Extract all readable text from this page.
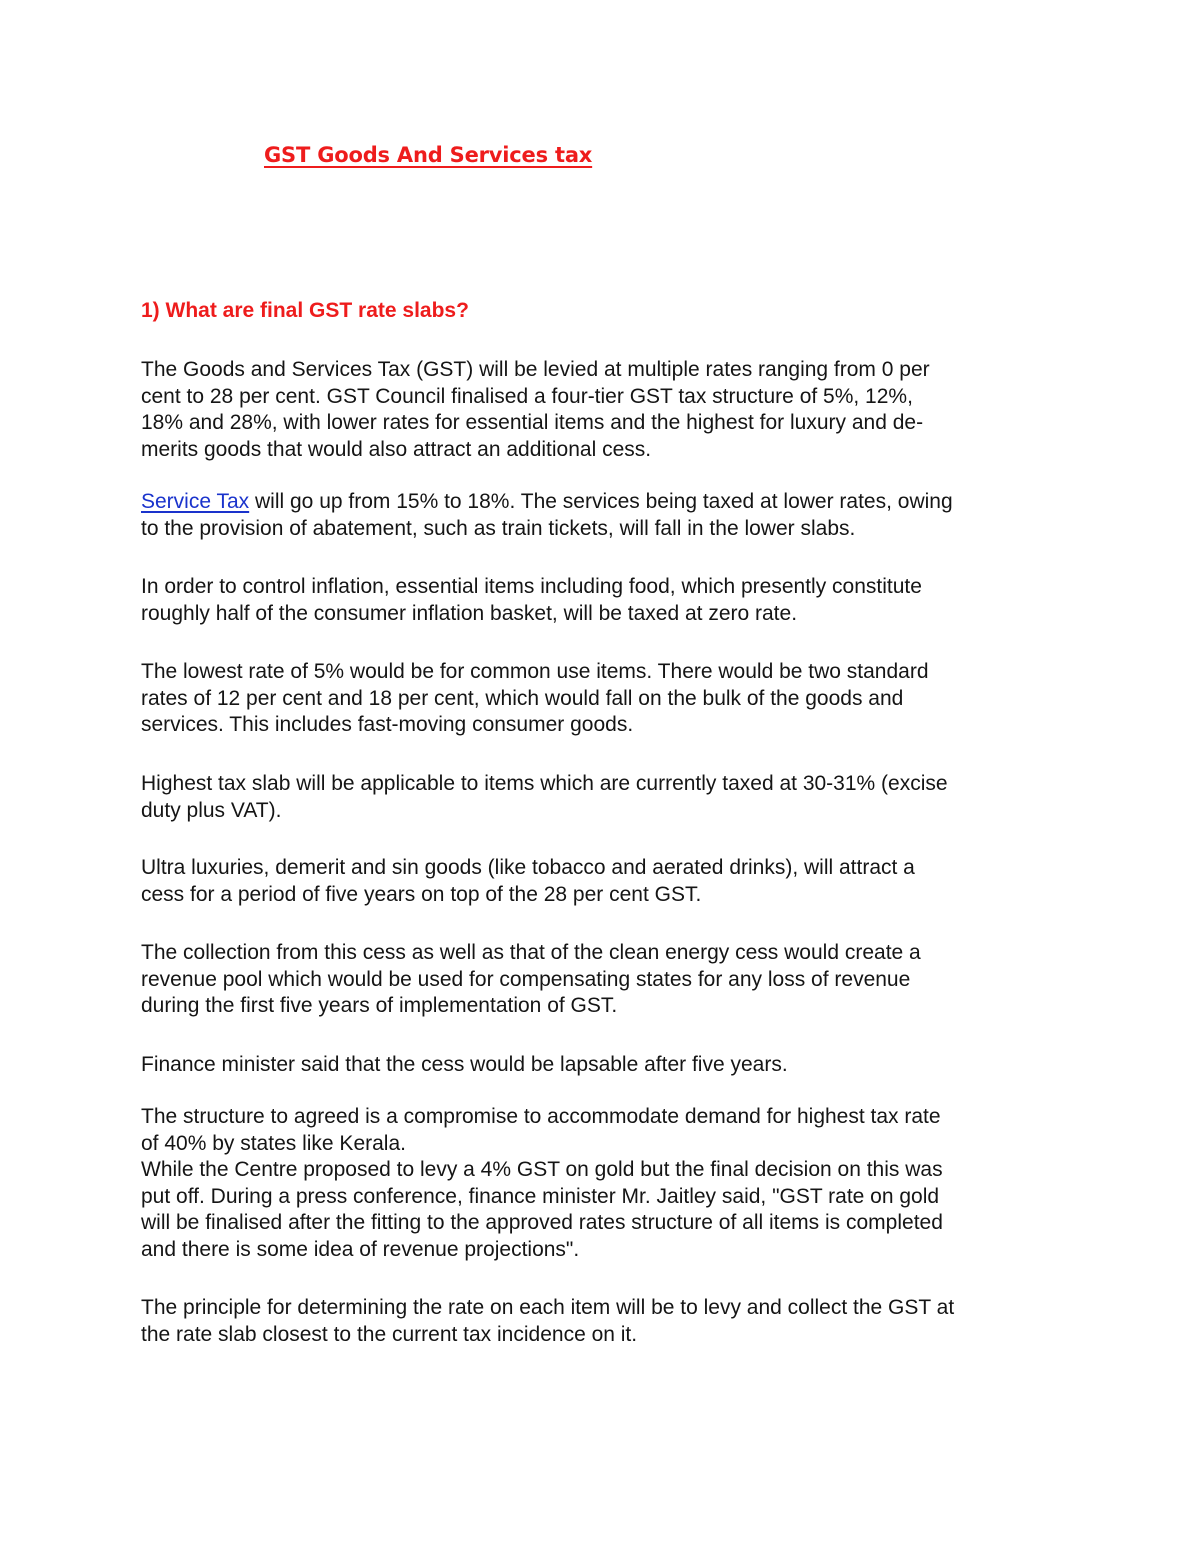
GST Goods And Services tax
1) What are final GST rate slabs?

The Goods and Services Tax (GST) will be levied at multiple rates ranging from 0 per
cent to 28 per cent. GST Council finalised a four-tier GST tax structure of 5%, 12%,
18% and 28%, with lower rates for essential items and the highest for luxury and de-
merits goods that would also attract an additional cess.

Service Tax will go up from 15% to 18%. The services being taxed at lower rates, owing
to the provision of abatement, such as train tickets, will fall in the lower slabs.

In order to control inflation, essential items including food, which presently constitute
roughly half of the consumer inflation basket, will be taxed at zero rate.

The lowest rate of 5% would be for common use items. There would be two standard
rates of 12 per cent and 18 per cent, which would fall on the bulk of the goods and
services. This includes fast-moving consumer goods.

Highest tax slab will be applicable to items which are currently taxed at 30-31% (excise
duty plus VAT).

Ultra luxuries, demerit and sin goods (like tobacco and aerated drinks), will attract a
cess for a period of five years on top of the 28 per cent GST.

The collection from this cess as well as that of the clean energy cess would create a
revenue pool which would be used for compensating states for any loss of revenue
during the first five years of implementation of GST.

Finance minister said that the cess would be lapsable after five years.

The structure to agreed is a compromise to accommodate demand for highest tax rate
of 40% by states like Kerala.
While the Centre proposed to levy a 4% GST on gold but the final decision on this was
put off. During a press conference, finance minister Mr. Jaitley said, "GST rate on gold
will be finalised after the fitting to the approved rates structure of all items is completed
and there is some idea of revenue projections".

The principle for determining the rate on each item will be to levy and collect the GST at
the rate slab closest to the current tax incidence on it.
